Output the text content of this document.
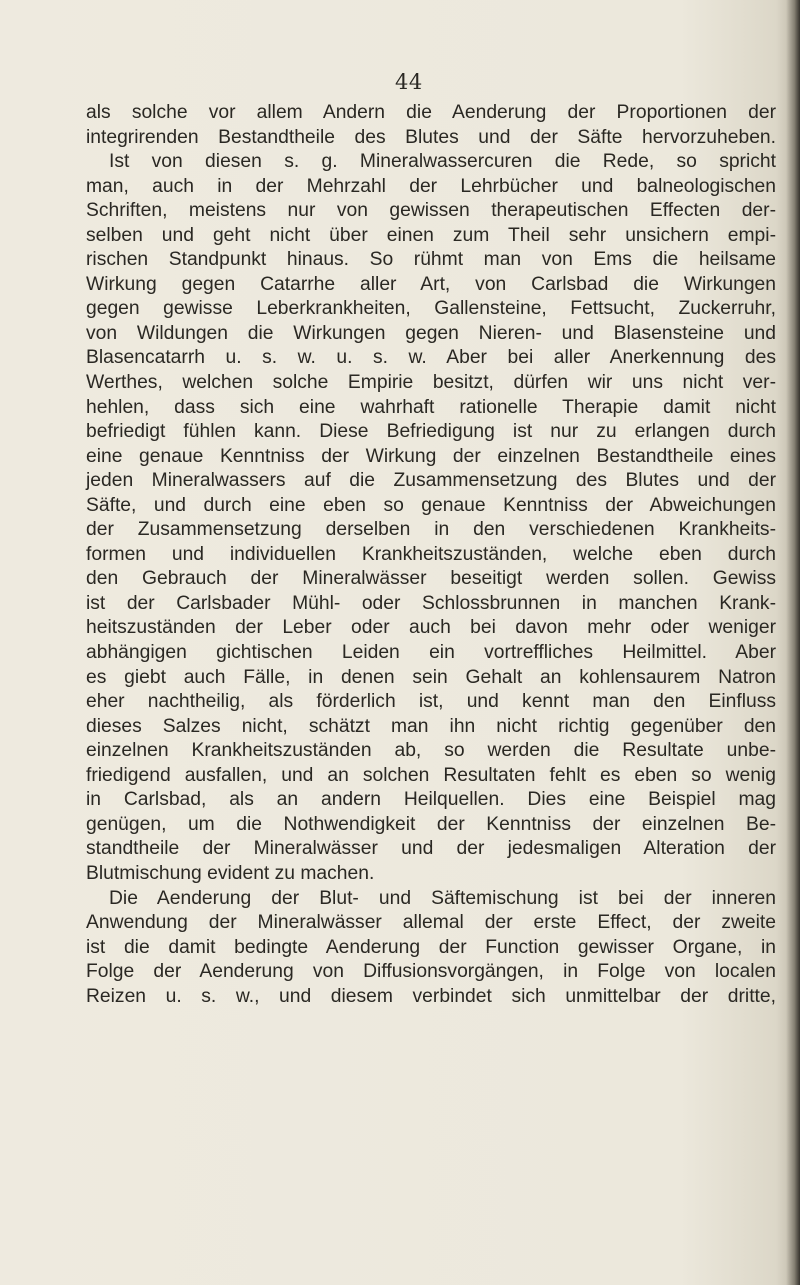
44
als solche vor allem Andern die Aenderung der Proportionen der
integrirenden Bestandtheile des Blutes und der Säfte hervorzuheben.
Ist von diesen s. g. Mineralwassercuren die Rede, so spricht
man, auch in der Mehrzahl der Lehrbücher und balneologischen
Schriften, meistens nur von gewissen therapeutischen Effecten der-
selben und geht nicht über einen zum Theil sehr unsichern empi-
rischen Standpunkt hinaus. So rühmt man von Ems die heilsame
Wirkung gegen Catarrhe aller Art, von Carlsbad die Wirkungen
gegen gewisse Leberkrankheiten, Gallensteine, Fettsucht, Zuckerruhr,
von Wildungen die Wirkungen gegen Nieren- und Blasensteine und
Blasencatarrh u. s. w. u. s. w. Aber bei aller Anerkennung des
Werthes, welchen solche Empirie besitzt, dürfen wir uns nicht ver-
hehlen, dass sich eine wahrhaft rationelle Therapie damit nicht
befriedigt fühlen kann. Diese Befriedigung ist nur zu erlangen durch
eine genaue Kenntniss der Wirkung der einzelnen Bestandtheile eines
jeden Mineralwassers auf die Zusammensetzung des Blutes und der
Säfte, und durch eine eben so genaue Kenntniss der Abweichungen
der Zusammensetzung derselben in den verschiedenen Krankheits-
formen und individuellen Krankheitszuständen, welche eben durch
den Gebrauch der Mineralwässer beseitigt werden sollen. Gewiss
ist der Carlsbader Mühl- oder Schlossbrunnen in manchen Krank-
heitszuständen der Leber oder auch bei davon mehr oder weniger
abhängigen gichtischen Leiden ein vortreffliches Heilmittel. Aber
es giebt auch Fälle, in denen sein Gehalt an kohlensaurem Natron
eher nachtheilig, als förderlich ist, und kennt man den Einfluss
dieses Salzes nicht, schätzt man ihn nicht richtig gegenüber den
einzelnen Krankheitszuständen ab, so werden die Resultate unbe-
friedigend ausfallen, und an solchen Resultaten fehlt es eben so wenig
in Carlsbad, als an andern Heilquellen. Dies eine Beispiel mag
genügen, um die Nothwendigkeit der Kenntniss der einzelnen Be-
standtheile der Mineralwässer und der jedesmaligen Alteration der
Blutmischung evident zu machen.
Die Aenderung der Blut- und Säftemischung ist bei der inneren
Anwendung der Mineralwässer allemal der erste Effect, der zweite
ist die damit bedingte Aenderung der Function gewisser Organe, in
Folge der Aenderung von Diffusionsvorgängen, in Folge von localen
Reizen u. s. w., und diesem verbindet sich unmittelbar der dritte,
